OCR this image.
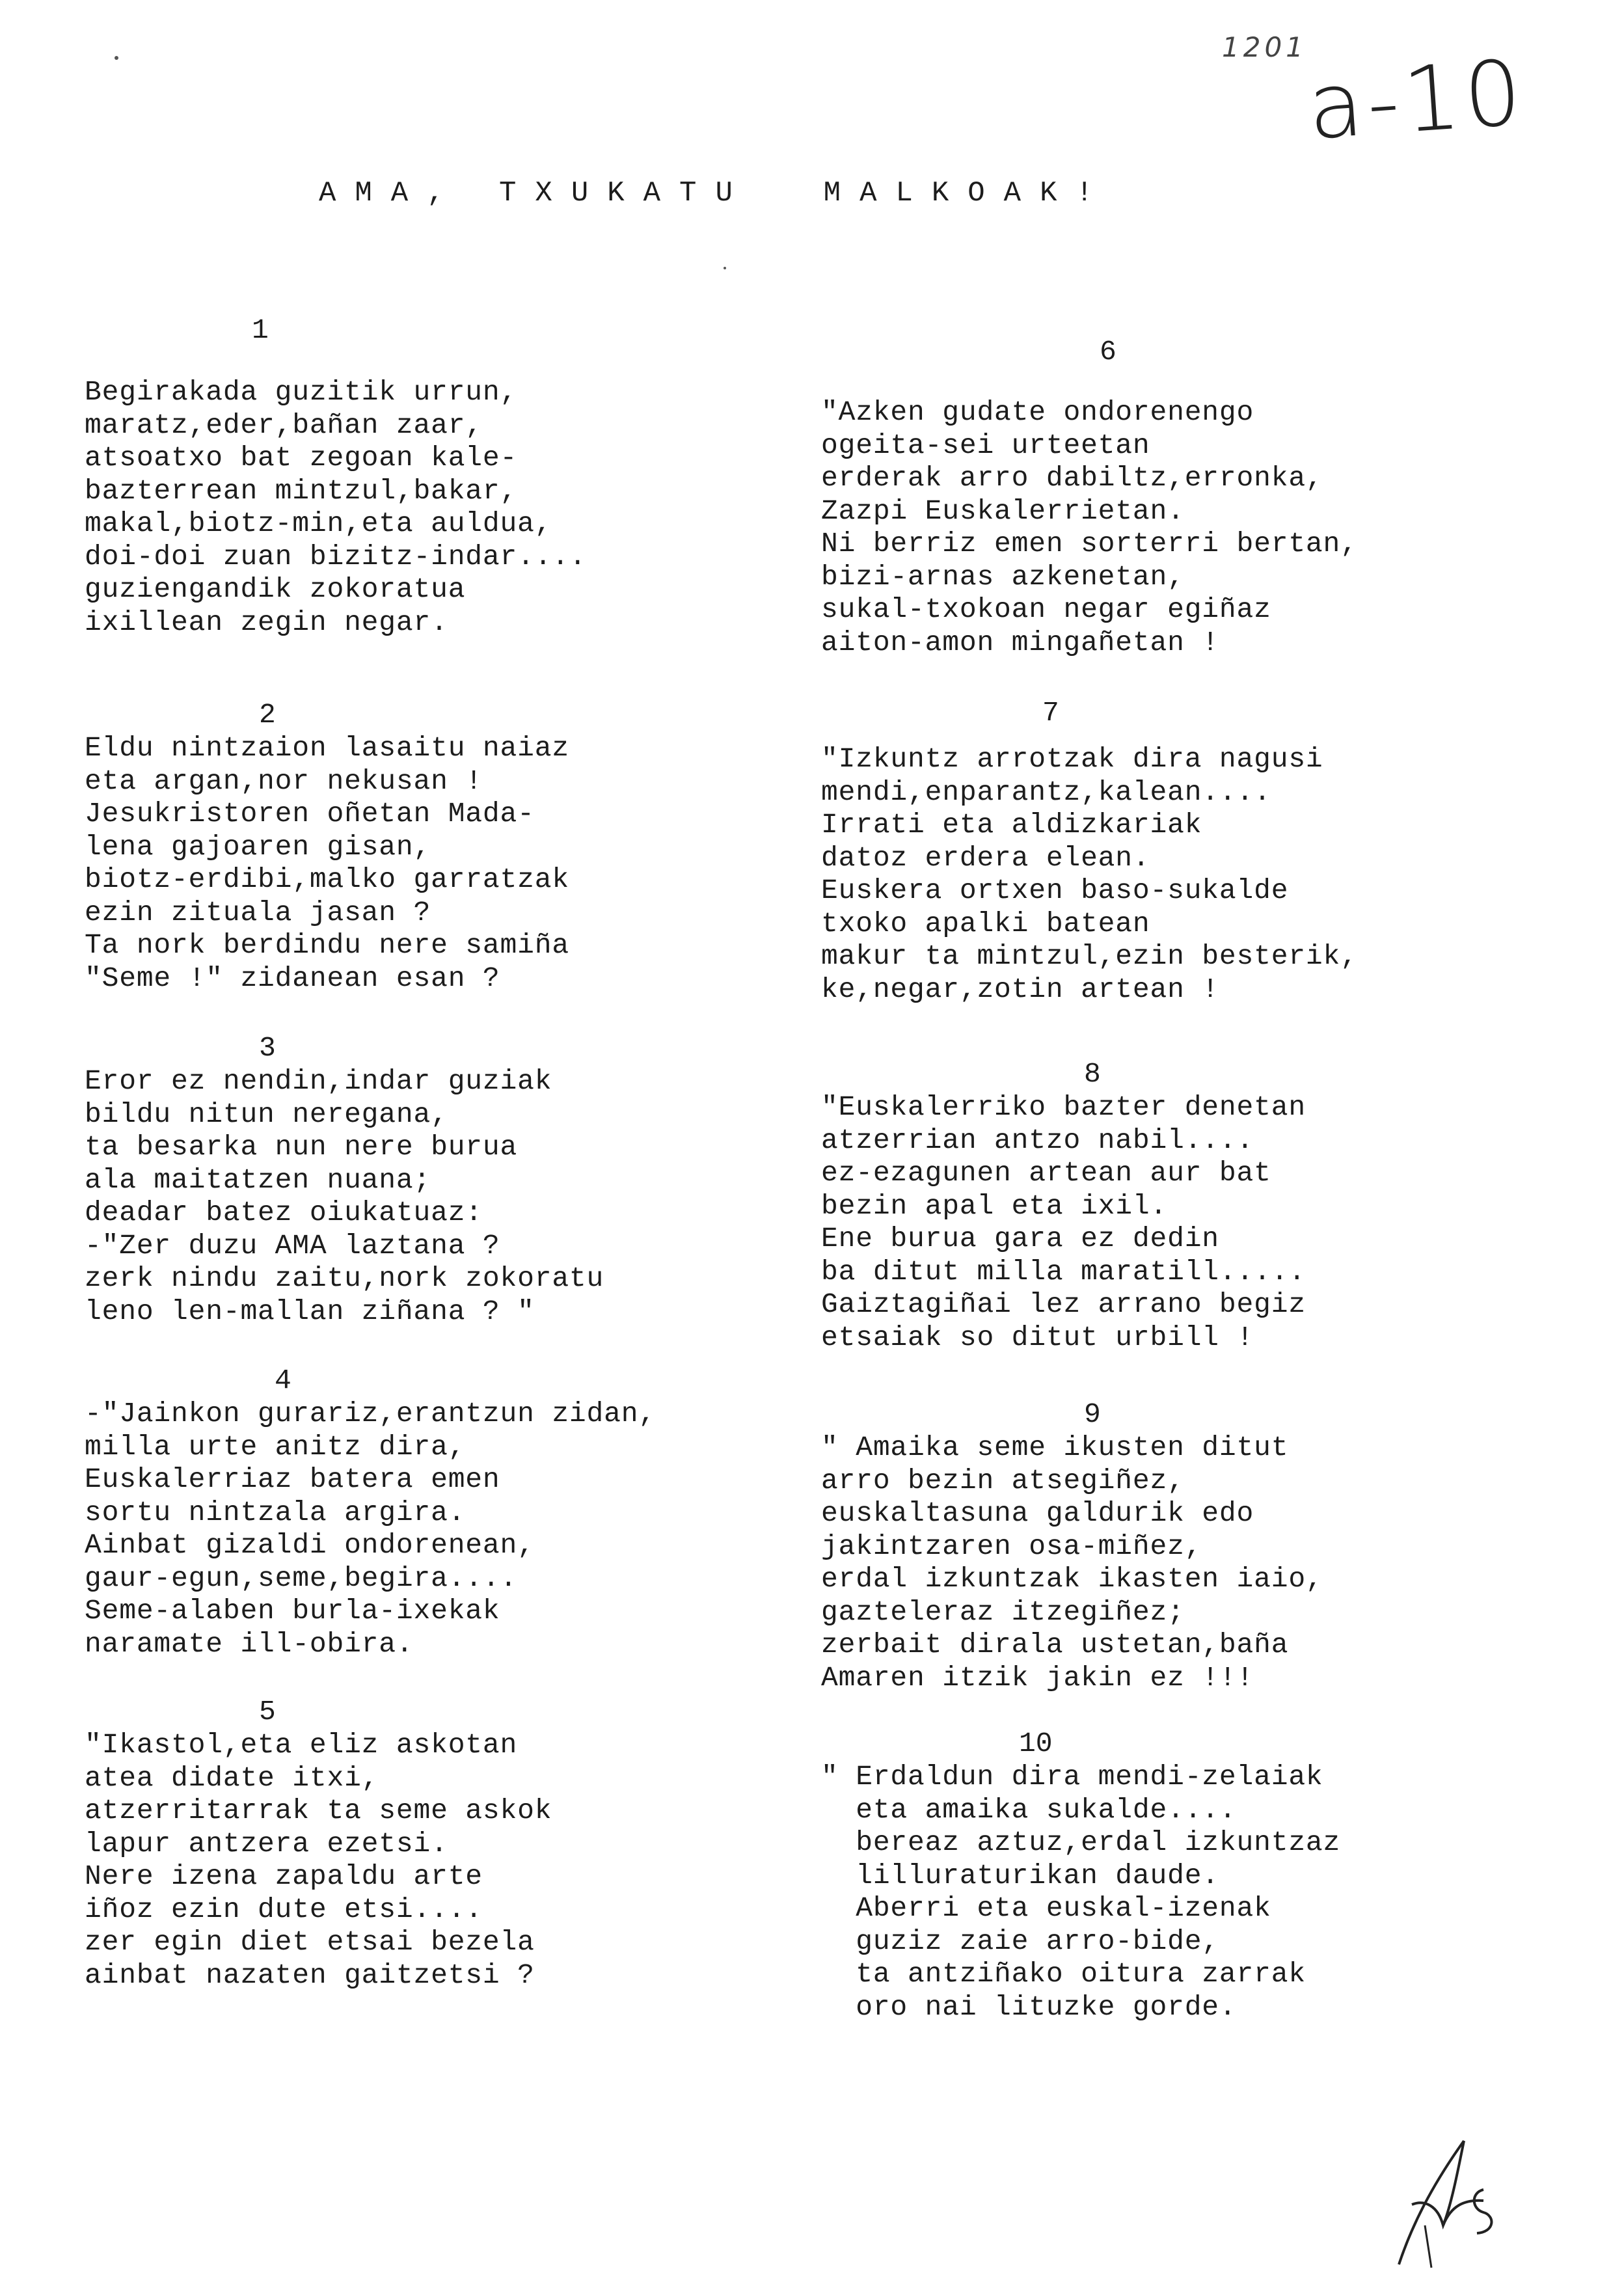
1201
a-10
AMA, TXUKATU  MALKOAK!
1
Begirakada guzitik urrun,
maratz,eder,bañan zaar,
atsoatxo bat zegoan kale-
bazterrean mintzul,bakar,
makal,biotz-min,eta auldua,
doi-doi zuan bizitz-indar....
guziengandik zokoratua
ixillean zegin negar.
2
Eldu nintzaion lasaitu naiaz
eta argan,nor nekusan !
Jesukristoren oñetan Mada-
lena gajoaren gisan,
biotz-erdibi,malko garratzak
ezin zituala jasan ?
Ta nork berdindu nere samiña
"Seme !" zidanean esan ?
3
Eror ez nendin,indar guziak
bildu nitun neregana,
ta besarka nun nere burua
ala maitatzen nuana;
deadar batez oiukatuaz:
-"Zer duzu AMA laztana ?
zerk nindu zaitu,nork zokoratu
leno len-mallan ziñana ? "
4
-"Jainkon gurariz,erantzun zidan,
milla urte anitz dira,
Euskalerriaz batera emen
sortu nintzala argira.
Ainbat gizaldi ondorenean,
gaur-egun,seme,begira....
Seme-alaben burla-ixekak
naramate ill-obira.
5
"Ikastol,eta eliz askotan
atea didate itxi,
atzerritarrak ta seme askok
lapur antzera ezetsi.
Nere izena zapaldu arte
iñoz ezin dute etsi....
zer egin diet etsai bezela
ainbat nazaten gaitzetsi ?
6
"Azken gudate ondorenengo
ogeita-sei urteetan
erderak arro dabiltz,erronka,
Zazpi Euskalerrietan.
Ni berriz emen sorterri bertan,
bizi-arnas azkenetan,
sukal-txokoan negar egiñaz
aiton-amon mingañetan !
7
"Izkuntz arrotzak dira nagusi
mendi,enparantz,kalean....
Irrati eta aldizkariak
datoz erdera elean.
Euskera ortxen baso-sukalde
txoko apalki batean
makur ta mintzul,ezin besterik,
ke,negar,zotin artean !
8
"Euskalerriko bazter denetan
atzerrian antzo nabil....
ez-ezagunen artean aur bat
bezin apal eta ixil.
Ene burua gara ez dedin
ba ditut milla maratill.....
Gaiztagiñai lez arrano begiz
etsaiak so ditut urbill !
9
" Amaika seme ikusten ditut
arro bezin atsegiñez,
euskaltasuna galdurik edo
jakintzaren osa-miñez,
erdal izkuntzak ikasten iaio,
gazteleraz itzegiñez;
zerbait dirala ustetan,baña
Amaren itzik jakin ez !!!
10
" Erdaldun dira mendi-zelaiak
eta amaika sukalde....
bereaz aztuz,erdal izkuntzaz
lilluraturikan daude.
Aberri eta euskal-izenak
guziz zaie arro-bide,
ta antziñako oitura zarrak
oro nai lituzke gorde.
